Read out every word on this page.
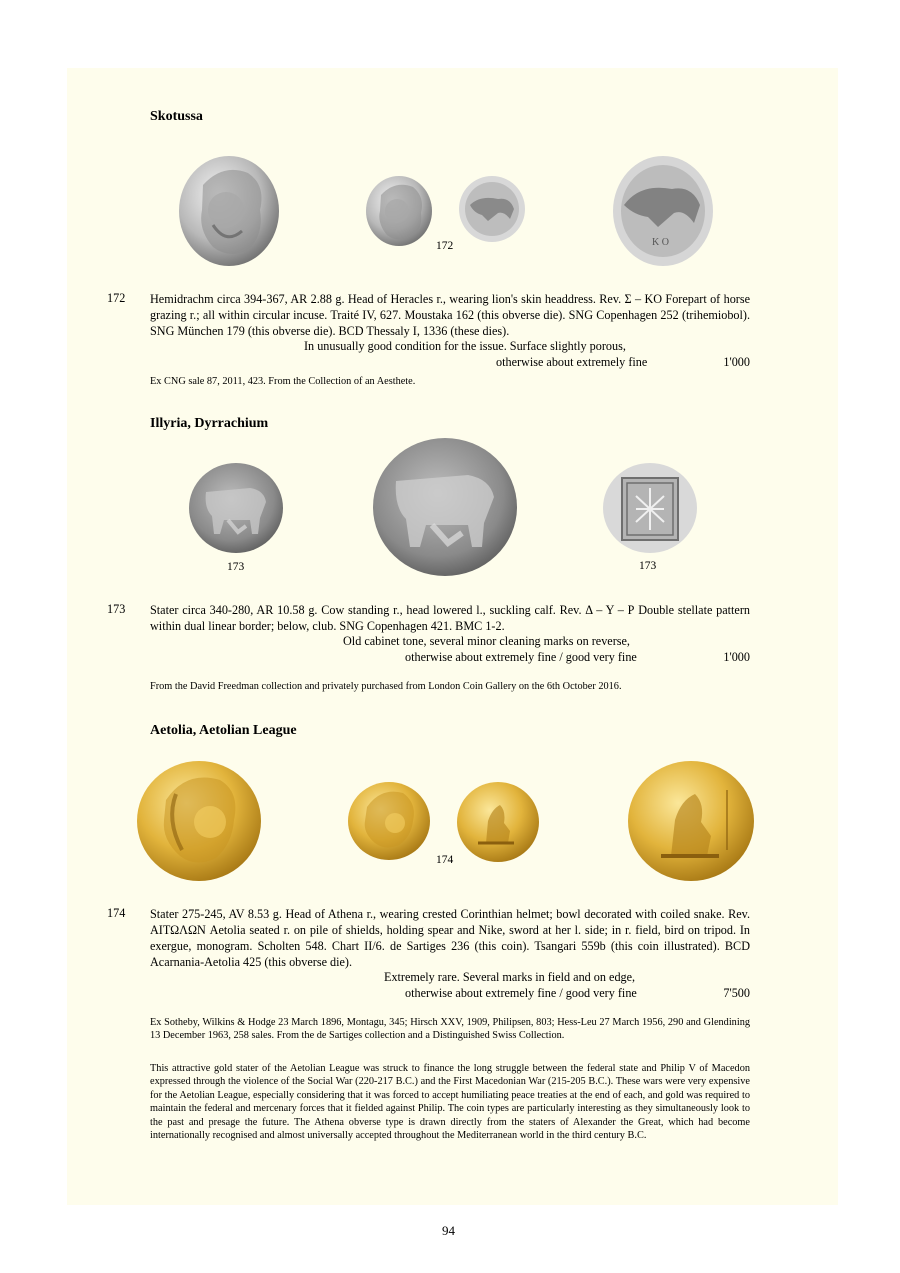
Skotussa
Κ Ο
172
172 Hemidrachm circa 394-367, AR 2.88 g. Head of Heracles r., wearing lion's skin headdress. Rev. Σ – KO Forepart of horse grazing r.; all within circular incuse. Traité IV, 627. Moustaka 162 (this obverse die). SNG Copenhagen 252 (trihemiobol). SNG München 179 (this obverse die). BCD Thessaly I, 1336 (these dies).

In unusually good condition for the issue. Surface slightly porous,
otherwise about extremely fine	1'000
Ex CNG sale 87, 2011, 423. From the Collection of an Aesthete.
Illyria, Dyrrachium
173	173
173 Stater circa 340-280, AR 10.58 g. Cow standing r., head lowered l., suckling calf. Rev. Δ – Υ – Ρ Double stellate pattern within dual linear border; below, club. SNG Copenhagen 421. BMC 1-2.

Old cabinet tone, several minor cleaning marks on reverse,
otherwise about extremely fine / good very fine	1'000
From the David Freedman collection and privately purchased from London Coin Gallery on the 6th October 2016.
Aetolia, Aetolian League
174
174 Stater 275-245, AV 8.53 g. Head of Athena r., wearing crested Corinthian helmet; bowl decorated with coiled snake. Rev. ΑΙΤΩΛΩΝ Aetolia seated r. on pile of shields, holding spear and Nike, sword at her l. side; in r. field, bird on tripod. In exergue, monogram. Scholten 548. Chart II/6. de Sartiges 236 (this coin). Tsangari 559b (this coin illustrated). BCD Acarnania-Aetolia 425 (this obverse die).

Extremely rare. Several marks in field and on edge,
otherwise about extremely fine / good very fine	7'500
Ex Sotheby, Wilkins & Hodge 23 March 1896, Montagu, 345; Hirsch XXV, 1909, Philipsen, 803; Hess-Leu 27 March 1956, 290 and Glendining 13 December 1963, 258 sales. From the de Sartiges collection and a Distinguished Swiss Collection.
This attractive gold stater of the Aetolian League was struck to finance the long struggle between the federal state and Philip V of Macedon expressed through the violence of the Social War (220-217 B.C.) and the First Macedonian War (215-205 B.C.). These wars were very expensive for the Aetolian League, especially considering that it was forced to accept humiliating peace treaties at the end of each, and gold was required to maintain the federal and mercenary forces that it fielded against Philip. The coin types are particularly interesting as they simultaneously look to the past and presage the future. The Athena obverse type is drawn directly from the staters of Alexander the Great, which had become internationally recognised and almost universally accepted throughout the Mediterranean world in the third century B.C.
94
